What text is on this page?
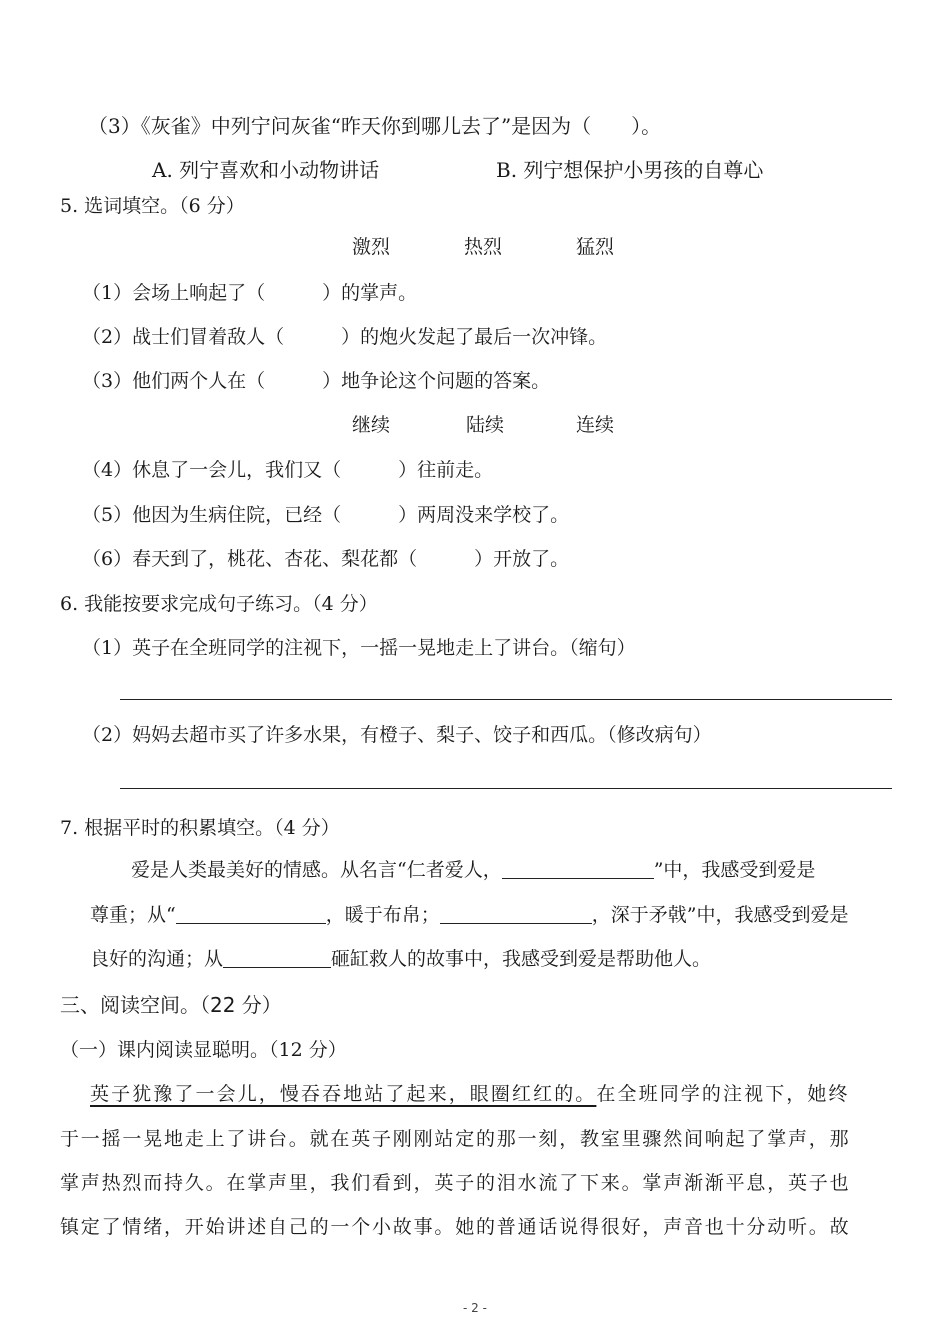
（3）《灰雀》中列宁问灰雀“昨天你到哪儿去了”是因为（　　）。
A. 列宁喜欢和小动物讲话	B. 列宁想保护小男孩的自尊心
5. 选词填空。（6 分）
激烈	热烈	猛烈
（1）会场上响起了（　　　）的掌声。
（2）战士们冒着敌人（　　　）的炮火发起了最后一次冲锋。
（3）他们两个人在（　　　）地争论这个问题的答案。
继续	陆续	连续
（4）休息了一会儿，我们又（　　　）往前走。
（5）他因为生病住院，已经（　　　）两周没来学校了。
（6）春天到了，桃花、杏花、梨花都（　　　）开放了。
6. 我能按要求完成句子练习。（4 分）
（1）英子在全班同学的注视下，一摇一晃地走上了讲台。（缩句）
（2）妈妈去超市买了许多水果，有橙子、梨子、饺子和西瓜。（修改病句）
7. 根据平时的积累填空。（4 分）
爱是人类最美好的情感。从名言“仁者爱人，	”中，我感受到爱是
尊重；从“	，暖于布帛；	，深于矛戟”中，我感受到爱是
良好的沟通；从	砸缸救人的故事中，我感受到爱是帮助他人。
三、阅读空间。（22 分）
（一）课内阅读显聪明。（12 分）
英子犹豫了一会儿，慢吞吞地站了起来，眼圈红红的。在全班同学的注视下，她终
于一摇一晃地走上了讲台。就在英子刚刚站定的那一刻，教室里骤然间响起了掌声，那
掌声热烈而持久。在掌声里，我们看到，英子的泪水流了下来。掌声渐渐平息，英子也
镇定了情绪，开始讲述自己的一个小故事。她的普通话说得很好，声音也十分动听。故
- 2 -
